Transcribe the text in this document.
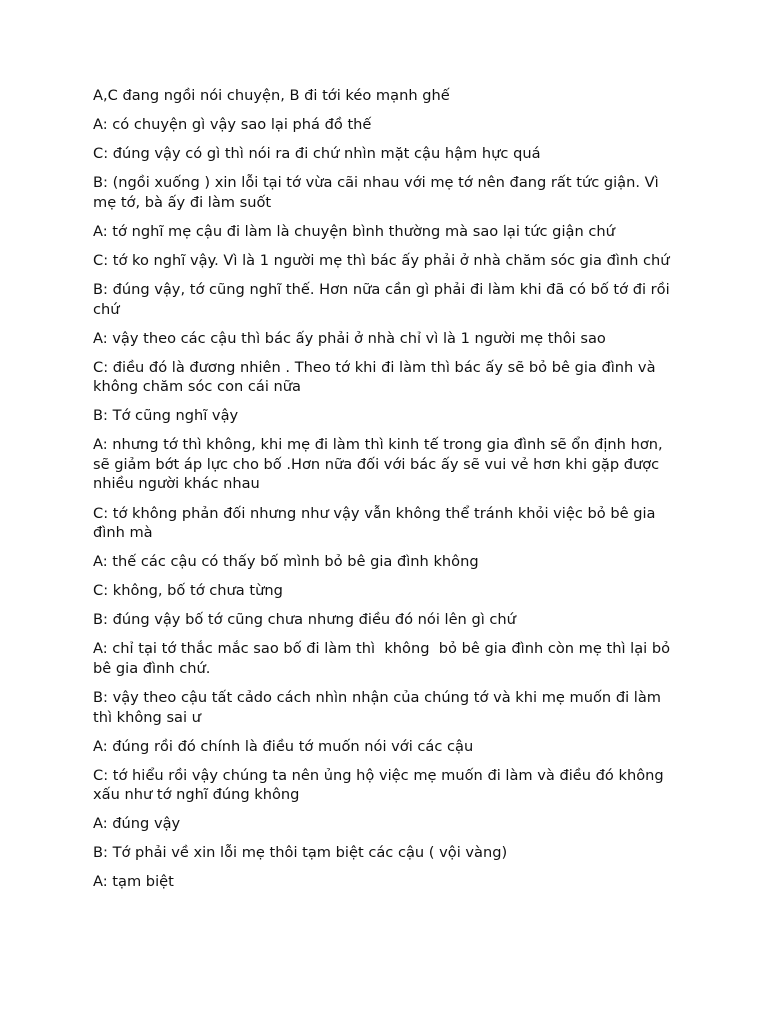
A,C đang ngồi nói chuyện, B đi tới kéo mạnh ghế

A: có chuyện gì vậy sao lại phá đồ thế

C: đúng vậy có gì thì nói ra đi chứ nhìn mặt cậu hậm hực quá

B: (ngồi xuống ) xin lỗi tại tớ vừa cãi nhau với mẹ tớ nên đang rất tức giận. Vì mẹ tớ, bà ấy đi làm suốt

A: tớ nghĩ mẹ cậu đi làm là chuyện bình thường mà sao lại tức giận chứ

C: tớ ko nghĩ vậy. Vì là 1 người mẹ thì bác ấy phải ở nhà chăm sóc gia đình chứ

B: đúng vậy, tớ cũng nghĩ thế. Hơn nữa cần gì phải đi làm khi đã có bố tớ đi rồi chứ

A: vậy theo các cậu thì bác ấy phải ở nhà chỉ vì là 1 người mẹ thôi sao

C: điều đó là đương nhiên . Theo tớ khi đi làm thì bác ấy sẽ bỏ bê gia đình và không chăm sóc con cái nữa

B: Tớ cũng nghĩ vậy

A: nhưng tớ thì không, khi mẹ đi làm thì kinh tế trong gia đình sẽ ổn định hơn, sẽ giảm bớt áp lực cho bố .Hơn nữa đối với bác ấy sẽ vui vẻ hơn khi gặp được nhiều người khác nhau

C: tớ không phản đối nhưng như vậy vẫn không thể tránh khỏi việc bỏ bê gia đình mà

A: thế các cậu có thấy bố mình bỏ bê gia đình không

C: không, bố tớ chưa từng

B: đúng vậy bố tớ cũng chưa nhưng điều đó nói lên gì chứ

A: chỉ tại tớ thắc mắc sao bố đi làm thì  không  bỏ bê gia đình còn mẹ thì lại bỏ bê gia đình chứ.

B: vậy theo cậu tất cảdo cách nhìn nhận của chúng tớ và khi mẹ muốn đi làm thì không sai ư

A: đúng rồi đó chính là điều tớ muốn nói với các cậu

C: tớ hiểu rồi vậy chúng ta nên ủng hộ việc mẹ muốn đi làm và điều đó không xấu như tớ nghĩ đúng không

A: đúng vậy

B: Tớ phải về xin lỗi mẹ thôi tạm biệt các cậu ( vội vàng)

A: tạm biệt
